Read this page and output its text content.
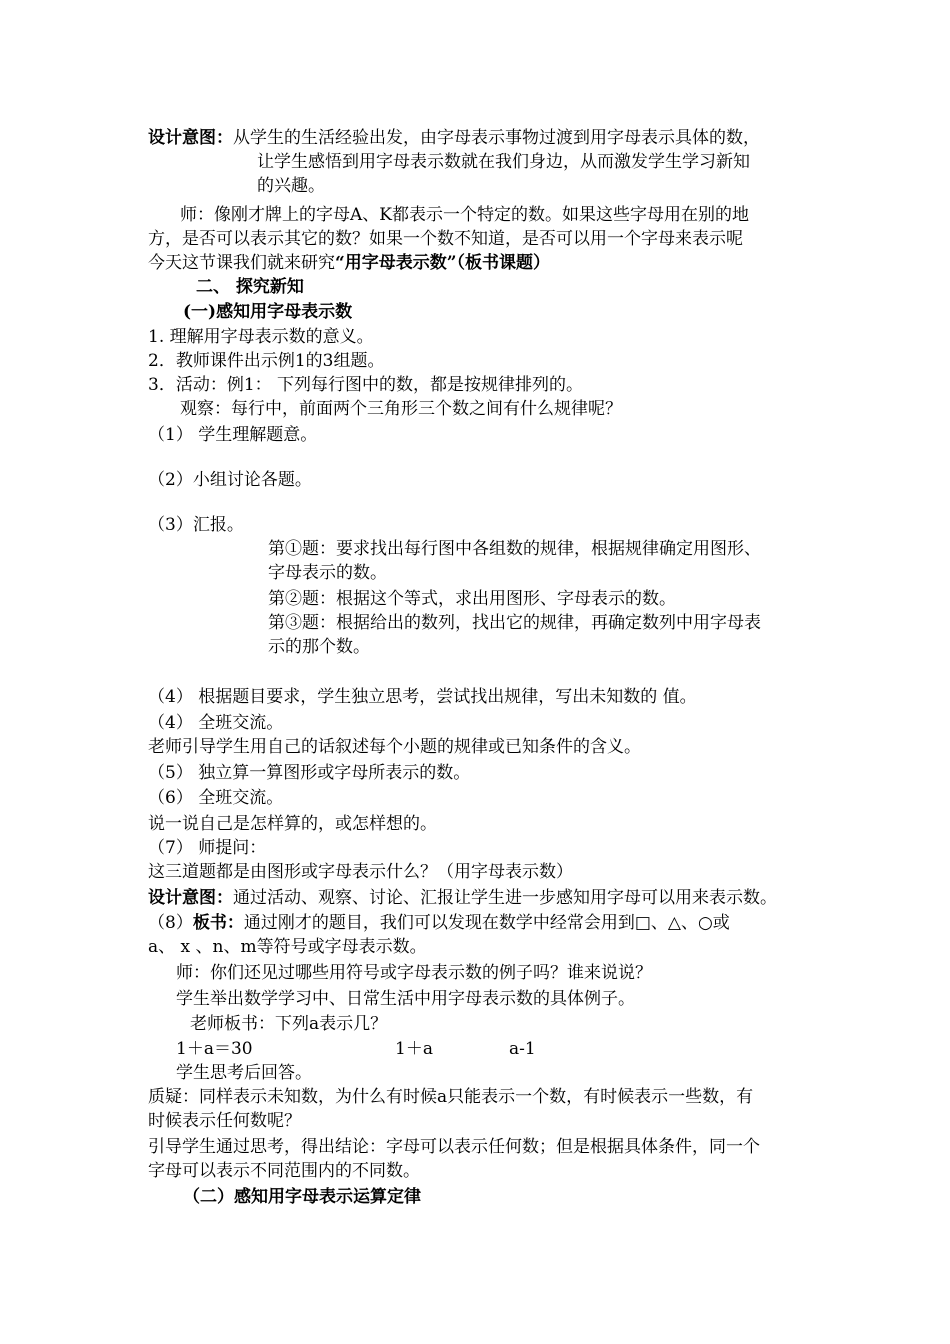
设计意图：从学生的生活经验出发，由字母表示事物过渡到用字母表示具体的数，
让学生感悟到用字母表示数就在我们身边，从而激发学生学习新知
的兴趣。
师：像刚才牌上的字母A、K都表示一个特定的数。如果这些字母用在别的地
方，是否可以表示其它的数？如果一个数不知道，是否可以用一个字母来表示呢
今天这节课我们就来研究“用字母表示数”（板书课题）
二、 探究新知
(一)感知用字母表示数
1. 理解用字母表示数的意义。
2．教师课件出示例1的3组题。
3．活动：例1： 下列每行图中的数，都是按规律排列的。
观察：每行中，前面两个三角形三个数之间有什么规律呢？
（1） 学生理解题意。
（2）小组讨论各题。
（3）汇报。
第①题：要求找出每行图中各组数的规律，根据规律确定用图形、
字母表示的数。
第②题：根据这个等式，求出用图形、字母表示的数。
第③题：根据给出的数列，找出它的规律，再确定数列中用字母表
示的那个数。
（4） 根据题目要求，学生独立思考，尝试找出规律，写出未知数的 值。
（4） 全班交流。
老师引导学生用自己的话叙述每个小题的规律或已知条件的含义。
（5） 独立算一算图形或字母所表示的数。
（6） 全班交流。
说一说自己是怎样算的，或怎样想的。
（7） 师提问：
这三道题都是由图形或字母表示什么？（用字母表示数）
设计意图：通过活动、观察、讨论、汇报让学生进一步感知用字母可以用来表示数。
（8）板书：通过刚才的题目，我们可以发现在数学中经常会用到□、△、○或
a、 x 、n、m等符号或字母表示数。
师：你们还见过哪些用符号或字母表示数的例子吗？谁来说说？
学生举出数学学习中、日常生活中用字母表示数的具体例子。
老师板书：下列a表示几？
1＋a＝30	1＋a	a-1
学生思考后回答。
质疑：同样表示未知数，为什么有时候a只能表示一个数，有时候表示一些数，有
时候表示任何数呢？
引导学生通过思考，得出结论：字母可以表示任何数；但是根据具体条件，同一个
字母可以表示不同范围内的不同数。
（二）感知用字母表示运算定律
